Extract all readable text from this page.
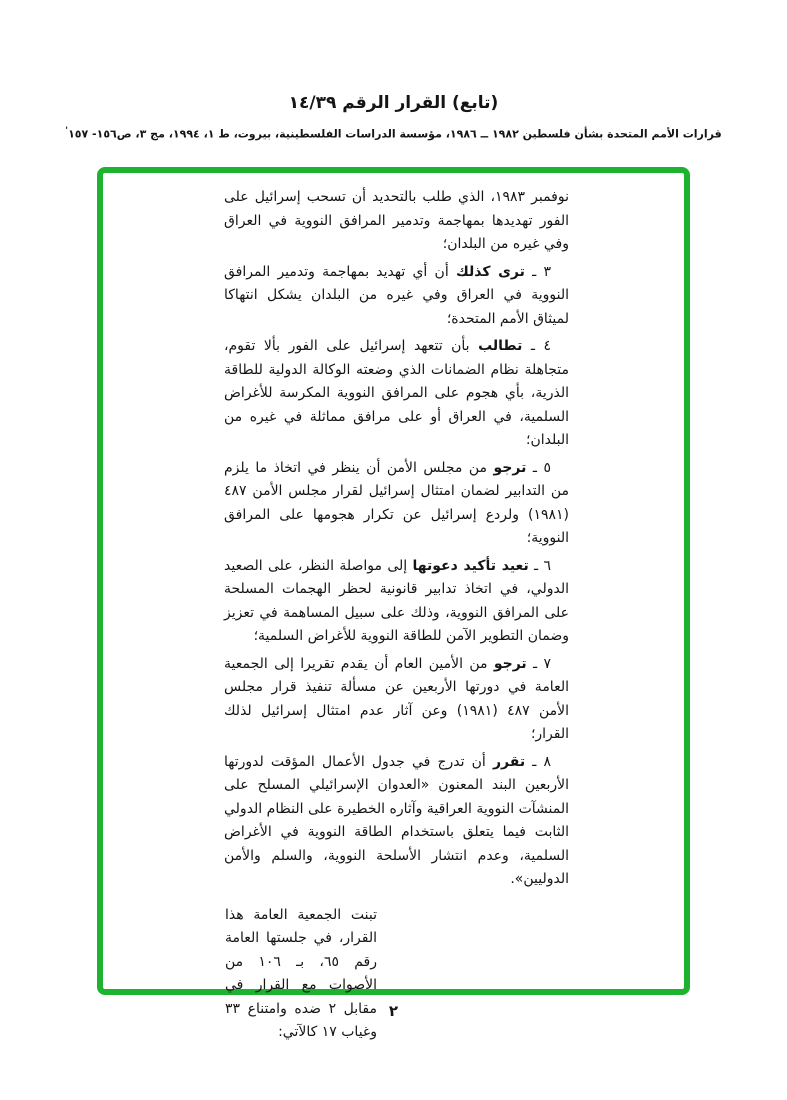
(تابع) القرار الرقم ١٤/٣٩
قرارات الأمم المتحدة بشأن فلسطين ١٩٨٢ ــ ١٩٨٦، مؤسسة الدراسات الفلسطينية، بيروت، ط ١، ١٩٩٤، مج ٣، ص١٥٦- ١٥٧'

نوفمبر ١٩٨٣، الذي طلب بالتحديد أن تسحب إسرائيل على الفور تهديدها بمهاجمة وتدمير المرافق النووية في العراق وفي غيره من البلدان؛

٣ ـ ترى كذلك أن أي تهديد بمهاجمة وتدمير المرافق النووية في العراق وفي غيره من البلدان يشكل انتهاكا لميثاق الأمم المتحدة؛

٤ ـ تطالب بأن تتعهد إسرائيل على الفور بألا تقوم، متجاهلة نظام الضمانات الذي وضعته الوكالة الدولية للطاقة الذرية، بأي هجوم على المرافق النووية المكرسة للأغراض السلمية، في العراق أو على مرافق مماثلة في غيره من البلدان؛

٥ ـ ترجو من مجلس الأمن أن ينظر في اتخاذ ما يلزم من التدابير لضمان امتثال إسرائيل لقرار مجلس الأمن ٤٨٧ (١٩٨١) ولردع إسرائيل عن تكرار هجومها على المرافق النووية؛

٦ ـ تعيد تأكيد دعوتها إلى مواصلة النظر، على الصعيد الدولي، في اتخاذ تدابير قانونية لحظر الهجمات المسلحة على المرافق النووية، وذلك على سبيل المساهمة في تعزيز وضمان التطوير الآمن للطاقة النووية للأغراض السلمية؛

٧ ـ ترجو من الأمين العام أن يقدم تقريرا إلى الجمعية العامة في دورتها الأربعين عن مسألة تنفيذ قرار مجلس الأمن ٤٨٧ (١٩٨١) وعن آثار عدم امتثال إسرائيل لذلك القرار؛

٨ ـ تقرر أن تدرج في جدول الأعمال المؤقت لدورتها الأربعين البند المعنون «العدوان الإسرائيلي المسلح على المنشآت النووية العراقية وآثاره الخطيرة على النظام الدولي الثابت فيما يتعلق باستخدام الطاقة النووية في الأغراض السلمية، وعدم انتشار الأسلحة النووية، والسلم والأمن الدوليين».

تبنت الجمعية العامة هذا القرار، في جلستها العامة رقم ٦٥، بـ ١٠٦ من الأصوات مع القرار في مقابل ٢ ضده وامتناع ٣٣ وغياب ١٧ كالآتي:

٢
